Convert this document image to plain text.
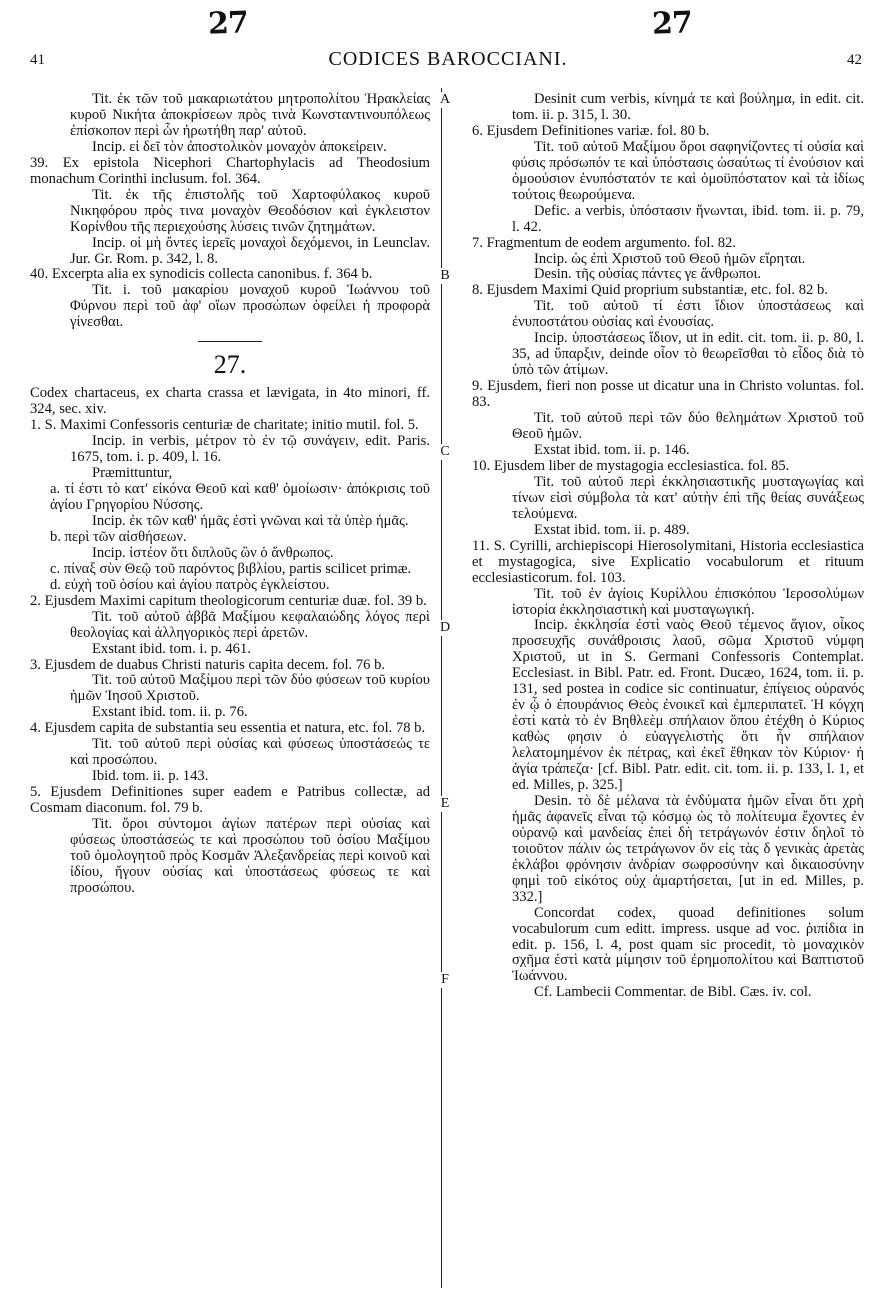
27	27
41	CODICES BAROCCIANI.	42
A
B
C
D
E
F

Tit. ἐκ τῶν τοῦ μακαριωτάτου μητροπολίτου Ἡρακλείας κυροῦ Νικήτα ἀποκρίσεων πρὸς τινὰ Κωνσταντινουπόλεως ἐπίσκοπον περὶ ὧν ἠρωτήθη παρ' αὐτοῦ.

Incip. εἰ δεῖ τὸν ἀποστολικὸν μοναχὸν ἀποκείρειν.

39. Ex epistola Nicephori Chartophylacis ad Theodosium monachum Corinthi inclusum. fol. 364.

Tit. ἐκ τῆς ἐπιστολῆς τοῦ Χαρτοφύλακος κυροῦ Νικηφόρου πρὸς τινα μοναχὸν Θεοδόσιον καὶ ἐγκλειστον Κορίνθου τῆς περιεχούσης λύσεις τινῶν ζητημάτων.

Incip. οἱ μὴ ὄντες ἱερεῖς μοναχοὶ δεχόμενοι, in Leunclav. Jur. Gr. Rom. p. 342, l. 8.

40. Excerpta alia ex synodicis collecta canonibus. f. 364 b.

Tit. i. τοῦ μακαρίου μοναχοῦ κυροῦ Ἰωάννου τοῦ Φύρνου περὶ τοῦ ἀφ' οἵων προσώπων ὀφείλει ἡ προφορὰ γίνεσθαι.

27.

Codex chartaceus, ex charta crassa et lævigata, in 4to minori, ff. 324, sec. xiv.

1. S. Maximi Confessoris centuriæ de charitate; initio mutil. fol. 5.

Incip. in verbis, μέτρον τὸ ἐν τῷ συνάγειν, edit. Paris. 1675, tom. i. p. 409, l. 16.

Præmittuntur,

a. τί ἐστι τὸ κατ' εἰκόνα Θεοῦ καὶ καθ' ὁμοίωσιν· ἀπόκρισις τοῦ ἁγίου Γρηγορίου Νύσσης.

Incip. ἐκ τῶν καθ' ἡμᾶς ἐστὶ γνῶναι καὶ τὰ ὑπὲρ ἡμᾶς.

b. περὶ τῶν αἰσθήσεων.

Incip. ἰστέον ὅτι διπλοῦς ὢν ὁ ἄνθρωπος.

c. πίναξ σὺν Θεῷ τοῦ παρόντος βιβλίου, partis scilicet primæ.

d. εὐχὴ τοῦ ὁσίου καὶ ἁγίου πατρὸς ἐγκλείστου.

2. Ejusdem Maximi capitum theologicorum centuriæ duæ. fol. 39 b.

Tit. τοῦ αὐτοῦ ἀββᾶ Μαξίμου κεφαλαιώδης λόγος περὶ θεολογίας καὶ ἀλληγορικὸς περὶ ἀρετῶν.

Exstant ibid. tom. i. p. 461.

3. Ejusdem de duabus Christi naturis capita decem. fol. 76 b.

Tit. τοῦ αὐτοῦ Μαξίμου περὶ τῶν δύο φύσεων τοῦ κυρίου ἡμῶν Ἰησοῦ Χριστοῦ.

Exstant ibid. tom. ii. p. 76.

4. Ejusdem capita de substantia seu essentia et natura, etc. fol. 78 b.

Tit. τοῦ αὐτοῦ περὶ οὐσίας καὶ φύσεως ὑποστάσεώς τε καὶ προσώπου.

Ibid. tom. ii. p. 143.

5. Ejusdem Definitiones super eadem e Patribus collectæ, ad Cosmam diaconum. fol. 79 b.

Tit. ὅροι σύντομοι ἁγίων πατέρων περὶ οὐσίας καὶ φύσεως ὑποστάσεώς τε καὶ προσώπου τοῦ ὁσίου Μαξίμου τοῦ ὁμολογητοῦ πρὸς Κοσμᾶν Ἀλεξανδρείας περὶ κοινοῦ καὶ ἰδίου, ἤγουν οὐσίας καὶ ὑποστάσεως φύσεως τε καὶ προσώπου.

Desinit cum verbis, κίνημά τε καὶ βούλημα, in edit. cit. tom. ii. p. 315, l. 30.

6. Ejusdem Definitiones variæ. fol. 80 b.

Tit. τοῦ αὐτοῦ Μαξίμου ὅροι σαφηνίζοντες τί οὐσία καὶ φύσις πρόσωπόν τε καὶ ὑπόστασις ὡσαύτως τί ἐνούσιον καὶ ὁμοούσιον ἐνυπόστατόν τε καὶ ὁμοϋπόστατον καὶ τὰ ἰδίως τούτοις θεωρούμενα.

Defic. a verbis, ὑπόστασιν ἥνωνται, ibid. tom. ii. p. 79, l. 42.

7. Fragmentum de eodem argumento. fol. 82.

Incip. ὡς ἐπὶ Χριστοῦ τοῦ Θεοῦ ἡμῶν εἴρηται.

Desin. τῆς οὐσίας πάντες γε ἄνθρωποι.

8. Ejusdem Maximi Quid proprium substantiæ, etc. fol. 82 b.

Tit. τοῦ αὐτοῦ τί ἐστι ἴδιον ὑποστάσεως καὶ ἐνυποστάτου οὐσίας καὶ ἐνουσίας.

Incip. ὑποστάσεως ἴδιον, ut in edit. cit. tom. ii. p. 80, l. 35, ad ὕπαρξιν, deinde οἷον τὸ θεωρεῖσθαι τὸ εἶδος διὰ τὸ ὑπὸ τῶν ἀτίμων.

9. Ejusdem, fieri non posse ut dicatur una in Christo voluntas. fol. 83.

Tit. τοῦ αὐτοῦ περὶ τῶν δύο θελημάτων Χριστοῦ τοῦ Θεοῦ ἡμῶν.

Exstat ibid. tom. ii. p. 146.

10. Ejusdem liber de mystagogia ecclesiastica. fol. 85.

Tit. τοῦ αὐτοῦ περὶ ἐκκλησιαστικῆς μυσταγωγίας καὶ τίνων εἰσὶ σύμβολα τὰ κατ' αὐτὴν ἐπὶ τῆς θείας συνάξεως τελούμενα.

Exstat ibid. tom. ii. p. 489.

11. S. Cyrilli, archiepiscopi Hierosolymitani, Historia ecclesiastica et mystagogica, sive Explicatio vocabulorum et rituum ecclesiasticorum. fol. 103.

Tit. τοῦ ἐν ἁγίοις Κυρίλλου ἐπισκόπου Ἱεροσολύμων ἱστορία ἐκκλησιαστικὴ καὶ μυσταγωγική.

Incip. ἐκκλησία ἐστὶ ναὸς Θεοῦ τέμενος ἅγιον, οἶκος προσευχῆς συνάθροισις λαοῦ, σῶμα Χριστοῦ νύμφη Χριστοῦ, ut in S. Germani Confessoris Contemplat. Ecclesiast. in Bibl. Patr. ed. Front. Ducæo, 1624, tom. ii. p. 131, sed postea in codice sic continuatur, ἐπίγειος οὐρανός ἐν ᾧ ὁ ἐπουράνιος Θεὸς ἐνοικεῖ καὶ ἐμπεριπατεῖ. Ἡ κόγχη ἐστὶ κατὰ τὸ ἐν Βηθλεὲμ σπήλαιον ὅπου ἐτέχθη ὁ Κύριος καθὼς φησιν ὁ εὐαγγελιστὴς ὅτι ἦν σπήλαιον λελατομημένον ἐκ πέτρας, καὶ ἐκεῖ ἔθηκαν τὸν Κύριον· ἡ ἁγία τράπεζα· [cf. Bibl. Patr. edit. cit. tom. ii. p. 133, l. 1, et ed. Milles, p. 325.]

Desin. τὸ δὲ μέλανα τὰ ἐνδύματα ἡμῶν εἶναι ὅτι χρὴ ἡμᾶς ἀφανεῖς εἶναι τῷ κόσμῳ ὡς τὸ πολίτευμα ἔχοντες ἐν οὐρανῷ καὶ μανδείας ἐπεὶ δὴ τετράγωνόν ἐστιν δηλοῖ τὸ τοιοῦτον πάλιν ὡς τετράγωνον ὄν εἰς τὰς δ γενικὰς ἀρετὰς ἐκλάβοι φρόνησιν ἀνδρίαν σωφροσύνην καὶ δικαιοσύνην φημὶ τοῦ εἰκότος οὐχ ἁμαρτήσεται, [ut in ed. Milles, p. 332.]

Concordat codex, quoad definitiones solum vocabulorum cum editt. impress. usque ad voc. ῥιπίδια in edit. p. 156, l. 4, post quam sic procedit, τὸ μοναχικὸν σχῆμα ἐστὶ κατὰ μίμησιν τοῦ ἐρημοπολίτου καὶ Βαπτιστοῦ Ἰωάννου.

Cf. Lambecii Commentar. de Bibl. Cæs. iv. col.
